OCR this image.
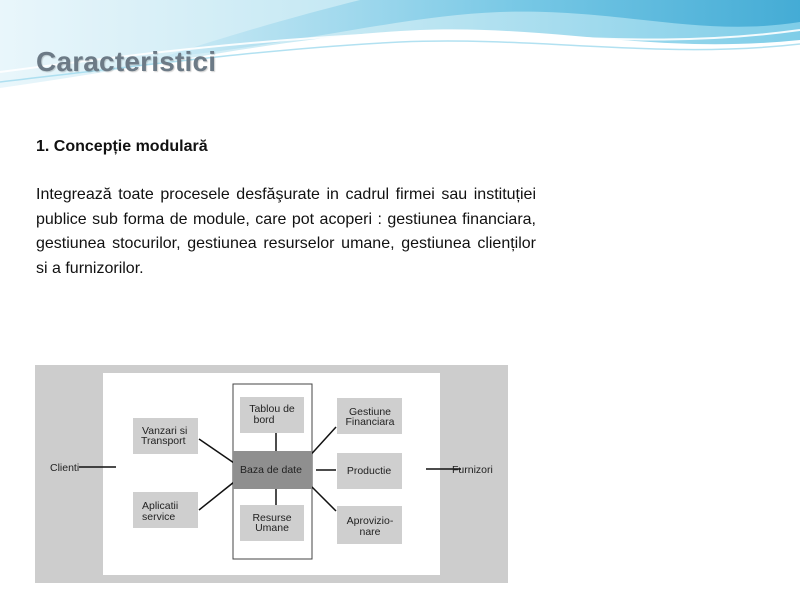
Caracteristici
1. Concepție modulară

Integrează toate procesele desfăşurate in cadrul firmei sau instituției publice sub forma de module, care pot acoperi : gestiunea financiara, gestiunea stocurilor, gestiunea resurselor umane, gestiunea clienților si a furnizorilor.

Tablou de
bord
Baza de date
Resurse
Umane
Vanzari si
Transport
Aplicatii
service
Gestiune
Financiara
Productie
Aprovizio-
nare
Clienti	Furnizori
